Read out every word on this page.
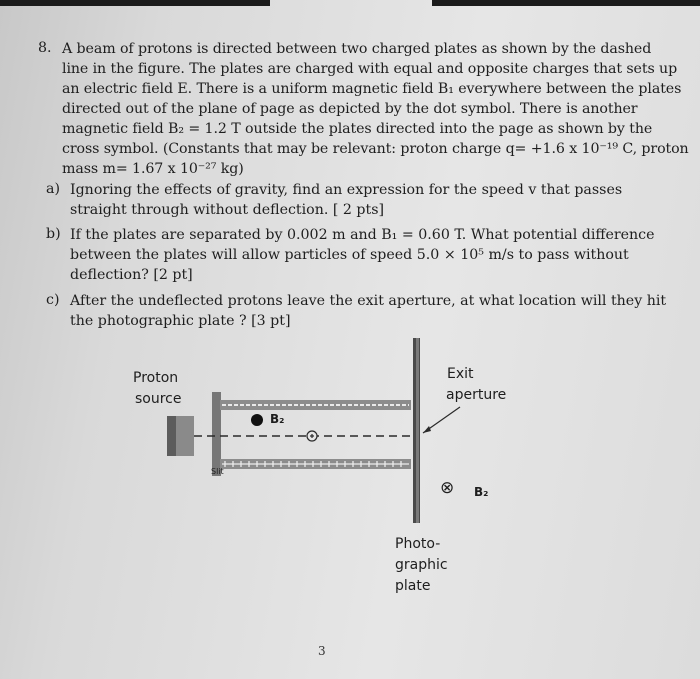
8. A beam of protons is directed between two charged plates as shown by the dashed
line in the figure. The plates are charged with equal and opposite charges that sets up
an electric field E. There is a uniform magnetic field B₁ everywhere between the plates
directed out of the plane of page as depicted by the dot symbol. There is another
magnetic field B₂ = 1.2 T outside the plates directed into the page as shown by the
cross symbol. (Constants that may be relevant: proton charge q= +1.6 x 10⁻¹⁹ C, proton
mass m= 1.67 x 10⁻²⁷ kg)
a) Ignoring the effects of gravity, find an expression for the speed v that passes
straight through without deflection. [ 2 pts]
b) If the plates are separated by 0.002 m and B₁ = 0.60 T. What potential difference
between the plates will allow particles of speed 5.0 × 10⁵ m/s to pass without
deflection? [2 pt]
c) After the undeflected protons leave the exit aperture, at what location will they hit
the photographic plate ? [3 pt]
Proton
source
Exit
aperture
B₂
Slit
⊗ B₂
Photo-
graphic
plate
3
